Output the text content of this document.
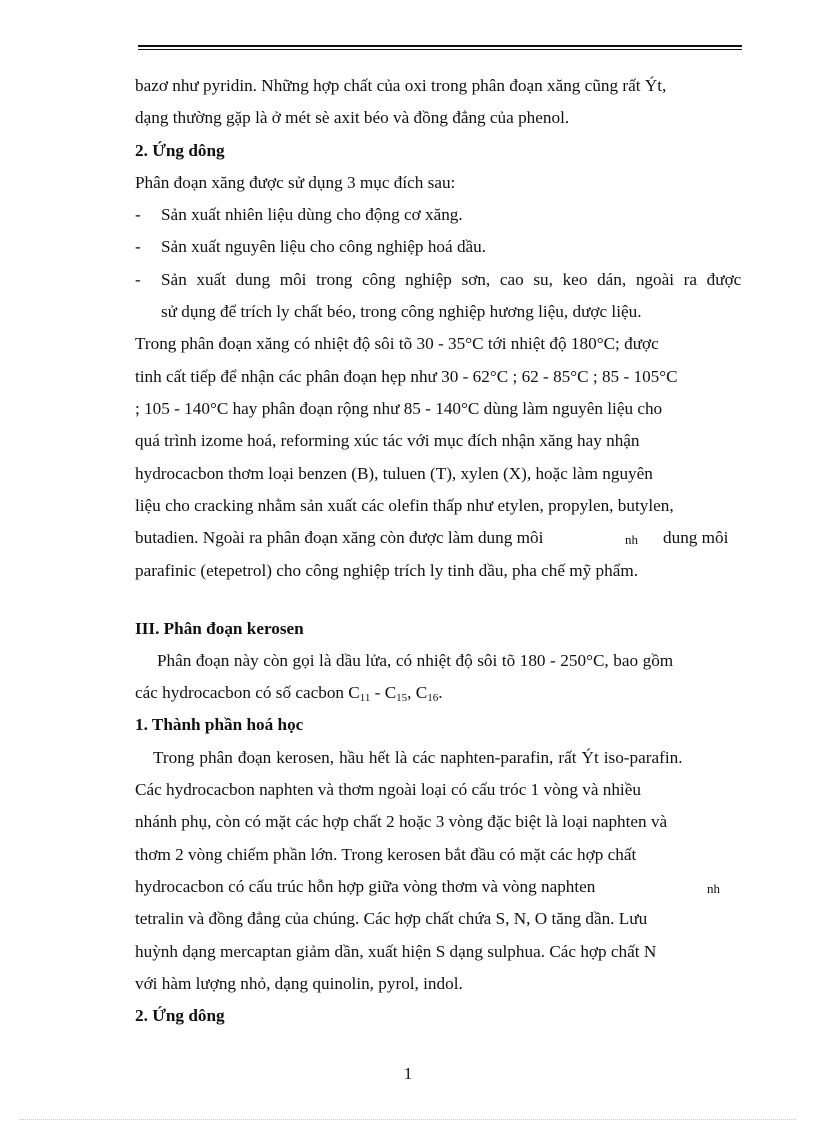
bazơ như pyridin. Những hợp chất của oxi trong phân đoạn xăng cũng rất Ýt,
dạng thường gặp là ở mét sè axit béo và đồng đẳng của phenol.
2. Ứng dông
Phân đoạn xăng được sử dụng 3 mục đích sau:
- Sản xuất nhiên liệu dùng cho động cơ xăng.
- Sản xuất nguyên liệu cho công nghiệp hoá dầu.
- Sản xuất dung môi trong công nghiệp sơn, cao su, keo dán, ngoài ra được
sử dụng để trích ly chất béo, trong công nghiệp hương liệu, dược liệu.
Trong phân đoạn xăng có nhiệt độ sôi tõ 30 - 35°C tới nhiệt độ 180°C; được
tinh cất tiếp để nhận các phân đoạn hẹp như 30 - 62°C ; 62 - 85°C ; 85 - 105°C
; 105 - 140°C hay phân đoạn rộng như 85 - 140°C dùng làm nguyên liệu cho
quá trình izome hoá, reforming xúc tác với mục đích nhận xăng hay nhận
hydrocacbon thơm loại benzen (B), tuluen (T), xylen (X), hoặc làm nguyên
liệu cho cracking nhằm sản xuất các olefin thấp như etylen, propylen, butylen,
butadien. Ngoài ra phân đoạn xăng còn được làm dung môi	nh dung môi
parafinic (etepetrol) cho công nghiệp trích ly tinh dầu, pha chế mỹ phẩm.
III. Phân đoạn kerosen
Phân đoạn này còn gọi là dầu lửa, có nhiệt độ sôi tõ 180 - 250°C, bao gồm
các hydrocacbon có số cacbon $C_{11} - C_{15}$, $C_{16}$.
1. Thành phần hoá học
Trong phân đoạn kerosen, hầu hết là các naphten-parafin, rất Ýt iso-parafin.
Các hydrocacbon naphten và thơm ngoài loại có cấu tróc 1 vòng và nhiều
nhánh phụ, còn có mặt các hợp chất 2 hoặc 3 vòng đặc biệt là loại naphten và
thơm 2 vòng chiếm phần lớn. Trong kerosen bắt đầu có mặt các hợp chất
hydrocacbon có cấu trúc hỗn hợp giữa vòng thơm và vòng naphten	nh
tetralin và đồng đẳng của chúng. Các hợp chất chứa S, N, O tăng dần. Lưu
huỳnh dạng mercaptan giảm dần, xuất hiện S dạng sulphua. Các hợp chất N
với hàm lượng nhỏ, dạng quinolin, pyrol, indol.
2. Ứng dông
1
